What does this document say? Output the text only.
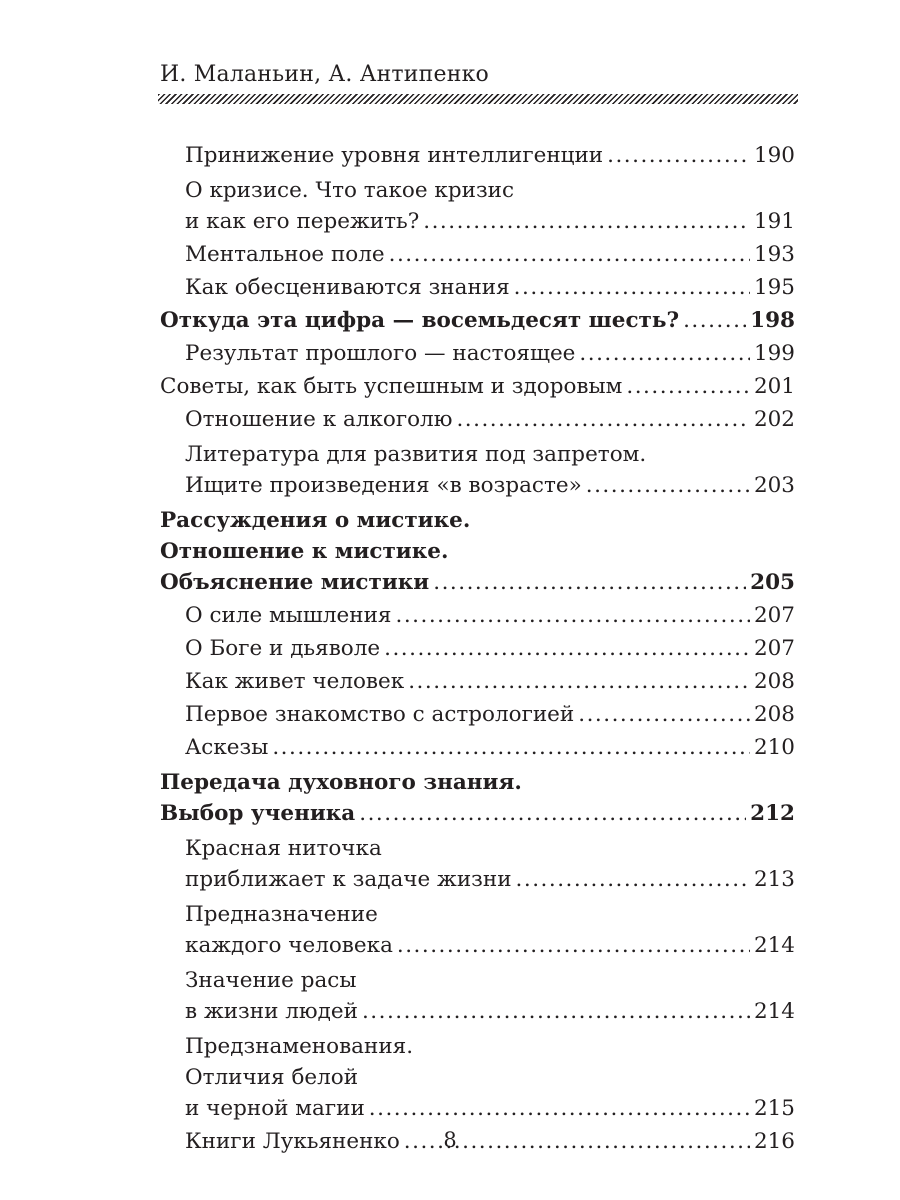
И. Маланьин, А. Антипенко
Принижение уровня интеллигенции .....	190
О кризисе. Что такое кризис
и как его пережить? .....	191
Ментальное поле .....	193
Как обесцениваются знания .....	195
Откуда эта цифра — восемьдесят шесть? .....	198
Результат прошлого — настоящее .....	199
Советы, как быть успешным и здоровым .....	201
Отношение к алкоголю .....	202
Литература для развития под запретом.
Ищите произведения «в возрасте» .....	203
Рассуждения о мистике.
Отношение к мистике.
Объяснение мистики .....	205
О силе мышления .....	207
О Боге и дьяволе .....	207
Как живет человек .....	208
Первое знакомство с астрологией .....	208
Аскезы .....	210
Передача духовного знания.
Выбор ученика .....	212
Красная ниточка
приближает к задаче жизни .....	213
Предназначение
каждого человека .....	214
Значение расы
в жизни людей .....	214
Предзнаменования.
Отличия белой
и черной магии .....	215
Книги Лукьяненко .....	216
8
